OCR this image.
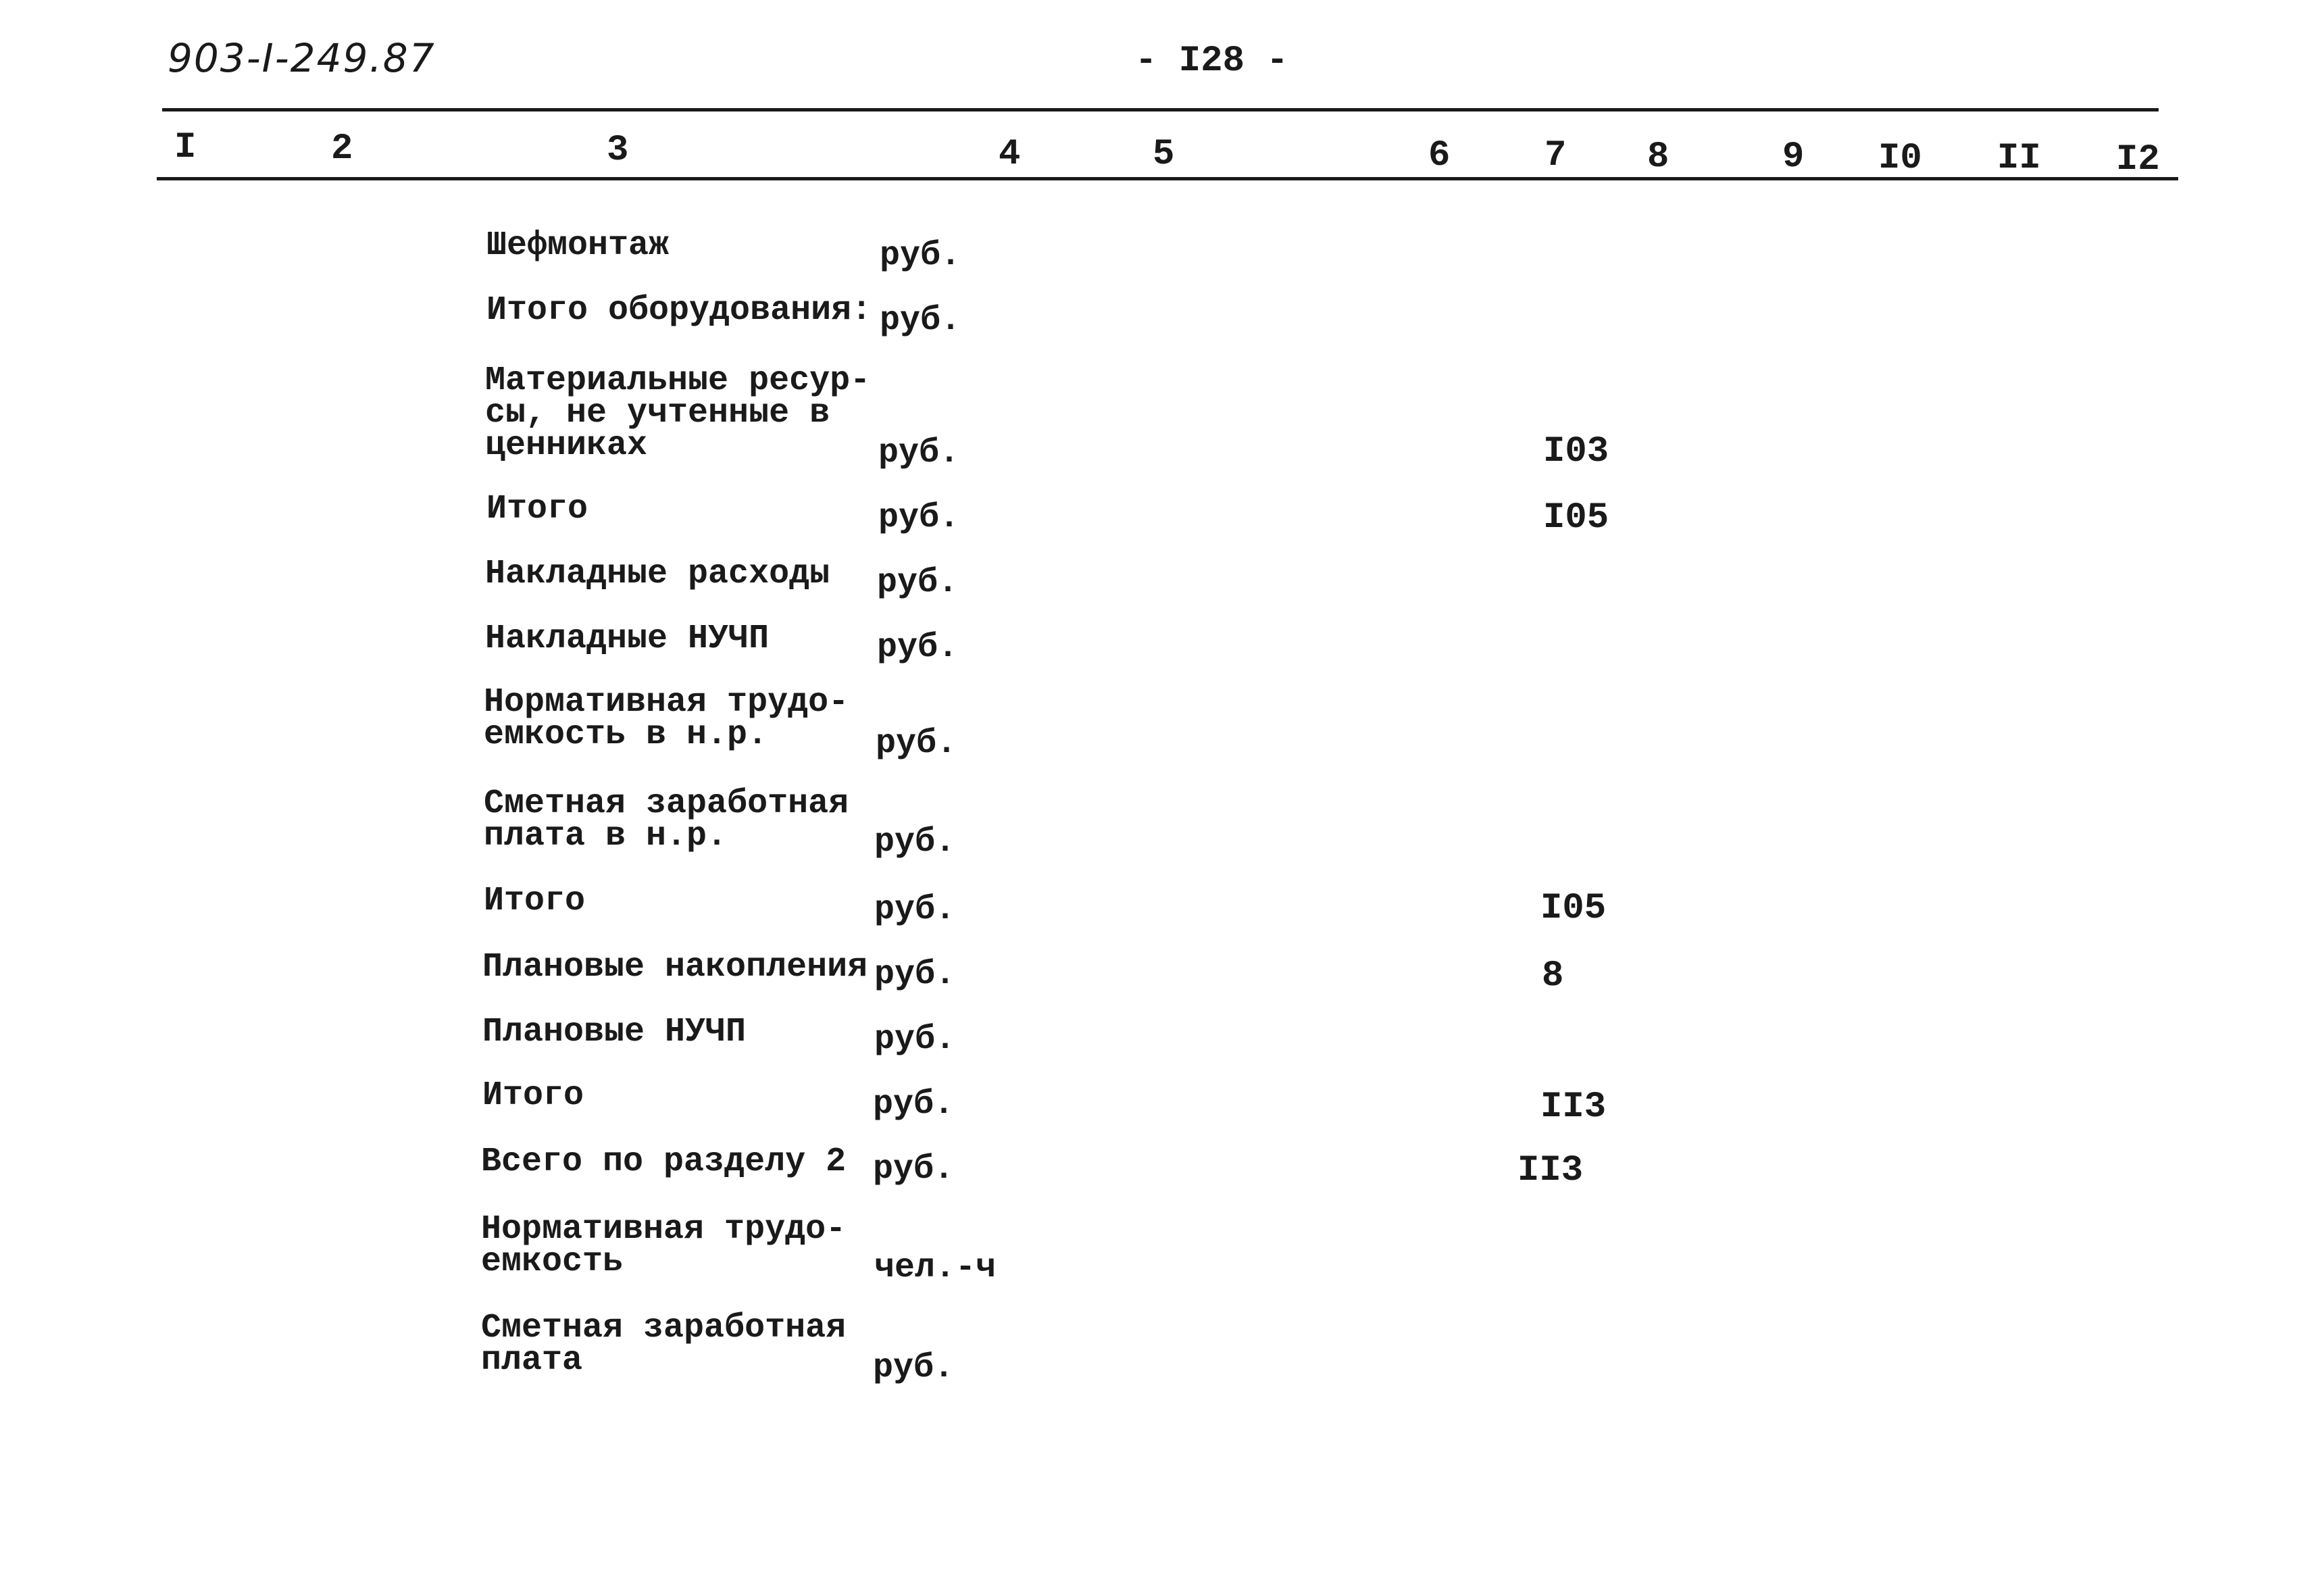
903-I-249.87	- I28 -
I	2	3	4	5	6	7 8	9 I0 II I2
Шефмонтаж	руб.
Итого оборудования: руб.
Материальные ресур-
сы, не учтенные в
ценниках	руб.	I03
Итого	руб.	I05
Накладные расходы руб.
Накладные НУЧП	руб.
Нормативная трудо-
емкость в н.р.	руб.
Сметная заработная
плата в н.р.	руб.
Итого	руб.	I05
Плановые накопления руб.	8
Плановые НУЧП	руб.
Итого	руб.	II3
Всего по разделу 2 руб.	II3
Нормативная трудо-
емкость	чел.-ч
Сметная заработная
плата	руб.
